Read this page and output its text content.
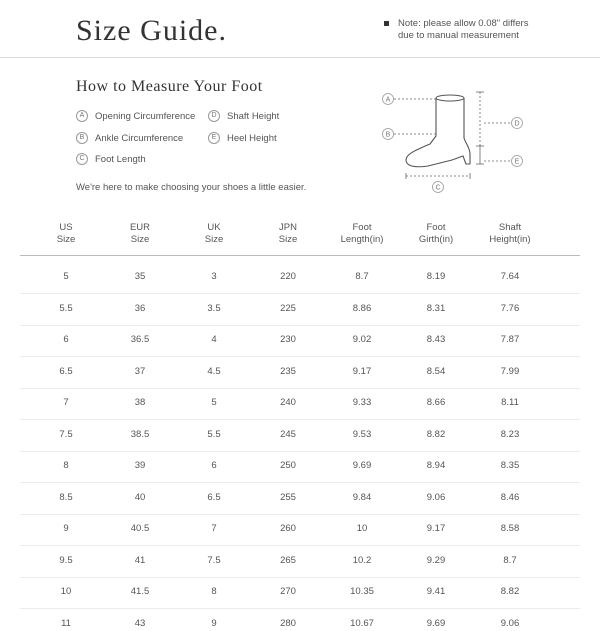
Size Guide.	Note: please allow 0.08" differs
due to manual measurement
How to Measure Your Foot
A Opening Circumference
B Ankle Circumference
C Foot Length
D Shaft Height
E Heel Height
We're here to make choosing your shoes a little easier.
A
B
D
E
C
US
Size
EUR
Size
UK
Size
JPN
Size
Foot
Length(in)
Foot
Girth(in)
Shaft
Height(in)
5	35	3	220	8.7	8.19	7.64
5.5	36	3.5	225	8.86	8.31	7.76
6	36.5	4	230	9.02	8.43	7.87
6.5	37	4.5	235	9.17	8.54	7.99
7	38	5	240	9.33	8.66	8.11
7.5	38.5	5.5	245	9.53	8.82	8.23
8	39	6	250	9.69	8.94	8.35
8.5	40	6.5	255	9.84	9.06	8.46
9	40.5	7	260	10	9.17	8.58
9.5	41	7.5	265	10.2	9.29	8.7
10	41.5	8	270	10.35	9.41	8.82
11	43	9	280	10.67	9.69	9.06
